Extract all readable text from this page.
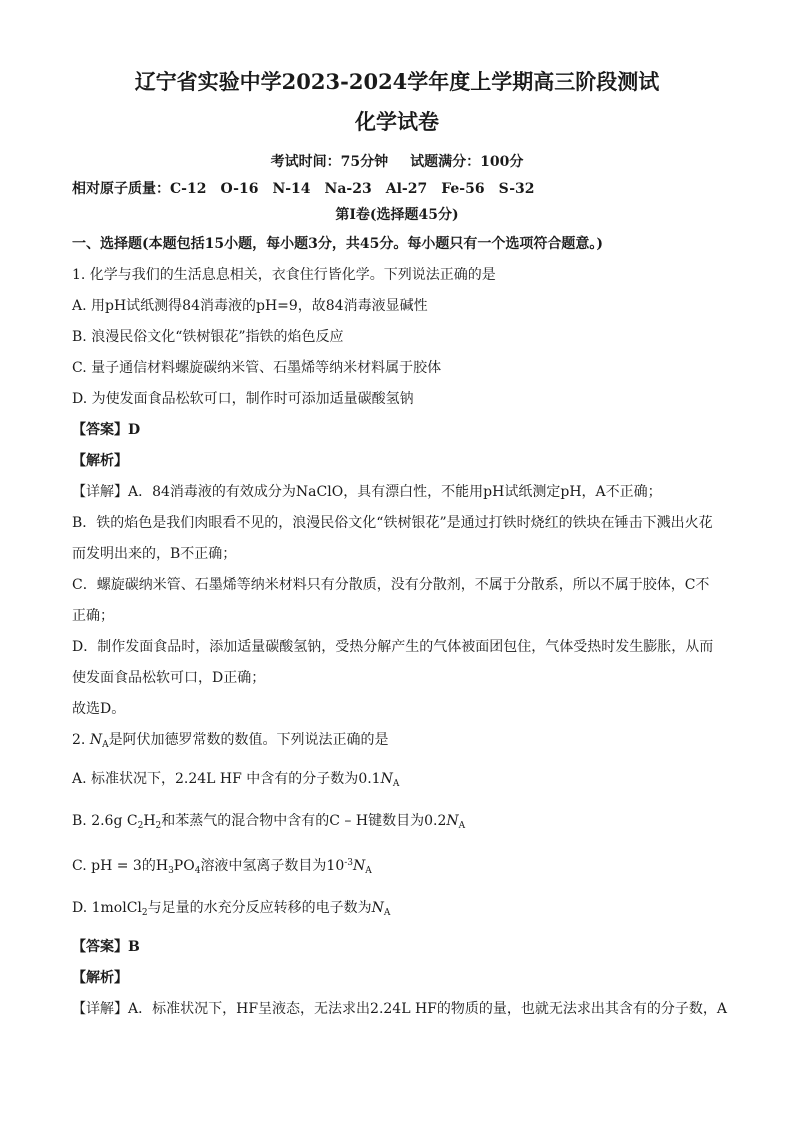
辽宁省实验中学2023-2024学年度上学期高三阶段测试
化学试卷
考试时间：75分钟 试题满分：100分
相对原子质量：C-12 O-16 N-14 Na-23 Al-27 Fe-56 S-32
第Ⅰ卷(选择题45分)
一、选择题(本题包括15小题，每小题3分，共45分。每小题只有一个选项符合题意。)
1. 化学与我们的生活息息相关，衣食住行皆化学。下列说法正确的是
A. 用pH试纸测得84消毒液的pH=9，故84消毒液显碱性
B. 浪漫民俗文化“铁树银花”指铁的焰色反应
C. 量子通信材料螺旋碳纳米管、石墨烯等纳米材料属于胶体
D. 为使发面食品松软可口，制作时可添加适量碳酸氢钠
【答案】D
【解析】
【详解】A．84消毒液的有效成分为NaClO，具有漂白性，不能用pH试纸测定pH，A不正确；
B．铁的焰色是我们肉眼看不见的，浪漫民俗文化“铁树银花”是通过打铁时烧红的铁块在锤击下溅出火花
而发明出来的，B不正确；
C．螺旋碳纳米管、石墨烯等纳米材料只有分散质，没有分散剂，不属于分散系，所以不属于胶体，C不
正确；
D．制作发面食品时，添加适量碳酸氢钠，受热分解产生的气体被面团包住，气体受热时发生膨胀，从而
使发面食品松软可口，D正确；
故选D。
2. $N_A$是阿伏加德罗常数的数值。下列说法正确的是
A. 标准状况下，2.24L HF 中含有的分子数为$0.1N_A$
B. 2.6g $C_2H_2$和苯蒸气的混合物中含有的C – H键数目为$0.2N_A$
C. pH = 3的$H_3PO_4$溶液中氢离子数目为$10^{-3}N_A$
D. 1molCl$_2$与足量的水充分反应转移的电子数为$N_A$
【答案】B
【解析】
【详解】A．标准状况下，HF呈液态，无法求出2.24L HF的物质的量，也就无法求出其含有的分子数，A
